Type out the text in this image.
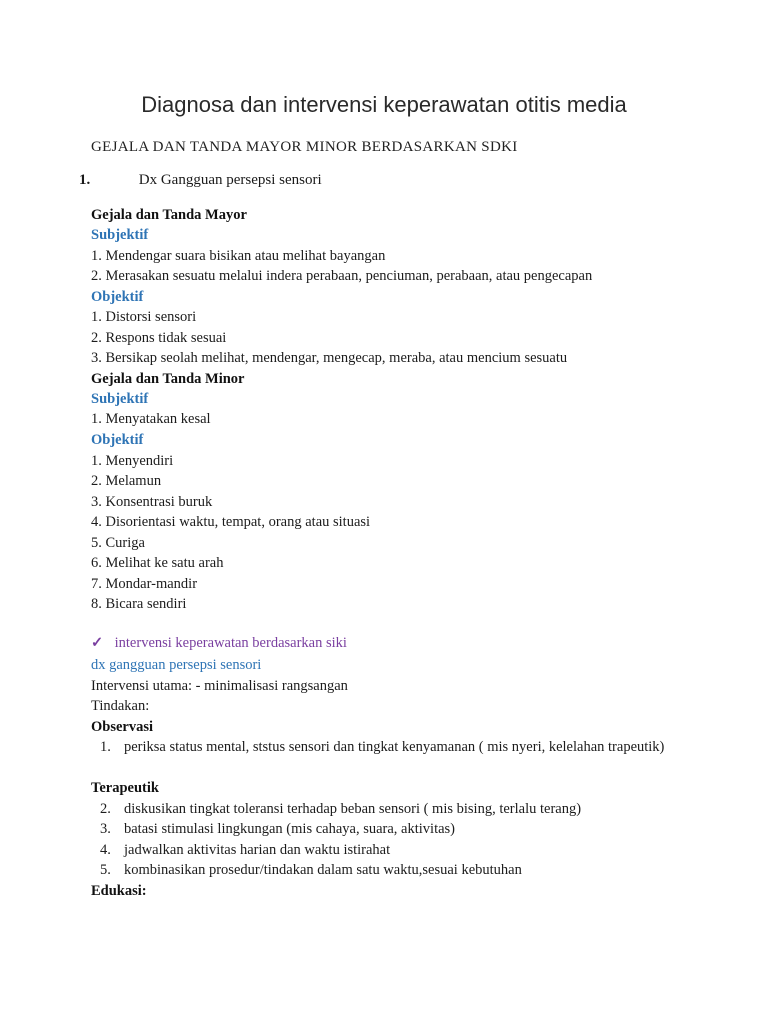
Diagnosa dan intervensi keperawatan otitis media
GEJALA DAN TANDA MAYOR MINOR BERDASARKAN SDKI
1.	Dx Gangguan persepsi sensori
Gejala dan Tanda Mayor
Subjektif
1. Mendengar suara bisikan atau melihat bayangan
2. Merasakan sesuatu melalui indera perabaan, penciuman, perabaan, atau pengecapan
Objektif
1. Distorsi sensori
2. Respons tidak sesuai
3. Bersikap seolah melihat, mendengar, mengecap, meraba, atau mencium sesuatu
Gejala dan Tanda Minor
Subjektif
1. Menyatakan kesal
Objektif
1. Menyendiri
2. Melamun
3. Konsentrasi buruk
4. Disorientasi waktu, tempat, orang atau situasi
5. Curiga
6. Melihat ke satu arah
7. Mondar-mandir
8. Bicara sendiri
✓ intervensi keperawatan berdasarkan siki
dx gangguan persepsi sensori
Intervensi utama: - minimalisasi rangsangan
Tindakan:
Observasi
1. periksa status mental, ststus sensori dan tingkat kenyamanan ( mis nyeri, kelelahan trapeutik)
Terapeutik
2. diskusikan tingkat toleransi terhadap beban sensori ( mis bising, terlalu terang)
3. batasi stimulasi lingkungan (mis cahaya, suara, aktivitas)
4. jadwalkan aktivitas harian dan waktu istirahat
5. kombinasikan prosedur/tindakan dalam satu waktu,sesuai kebutuhan
Edukasi:
